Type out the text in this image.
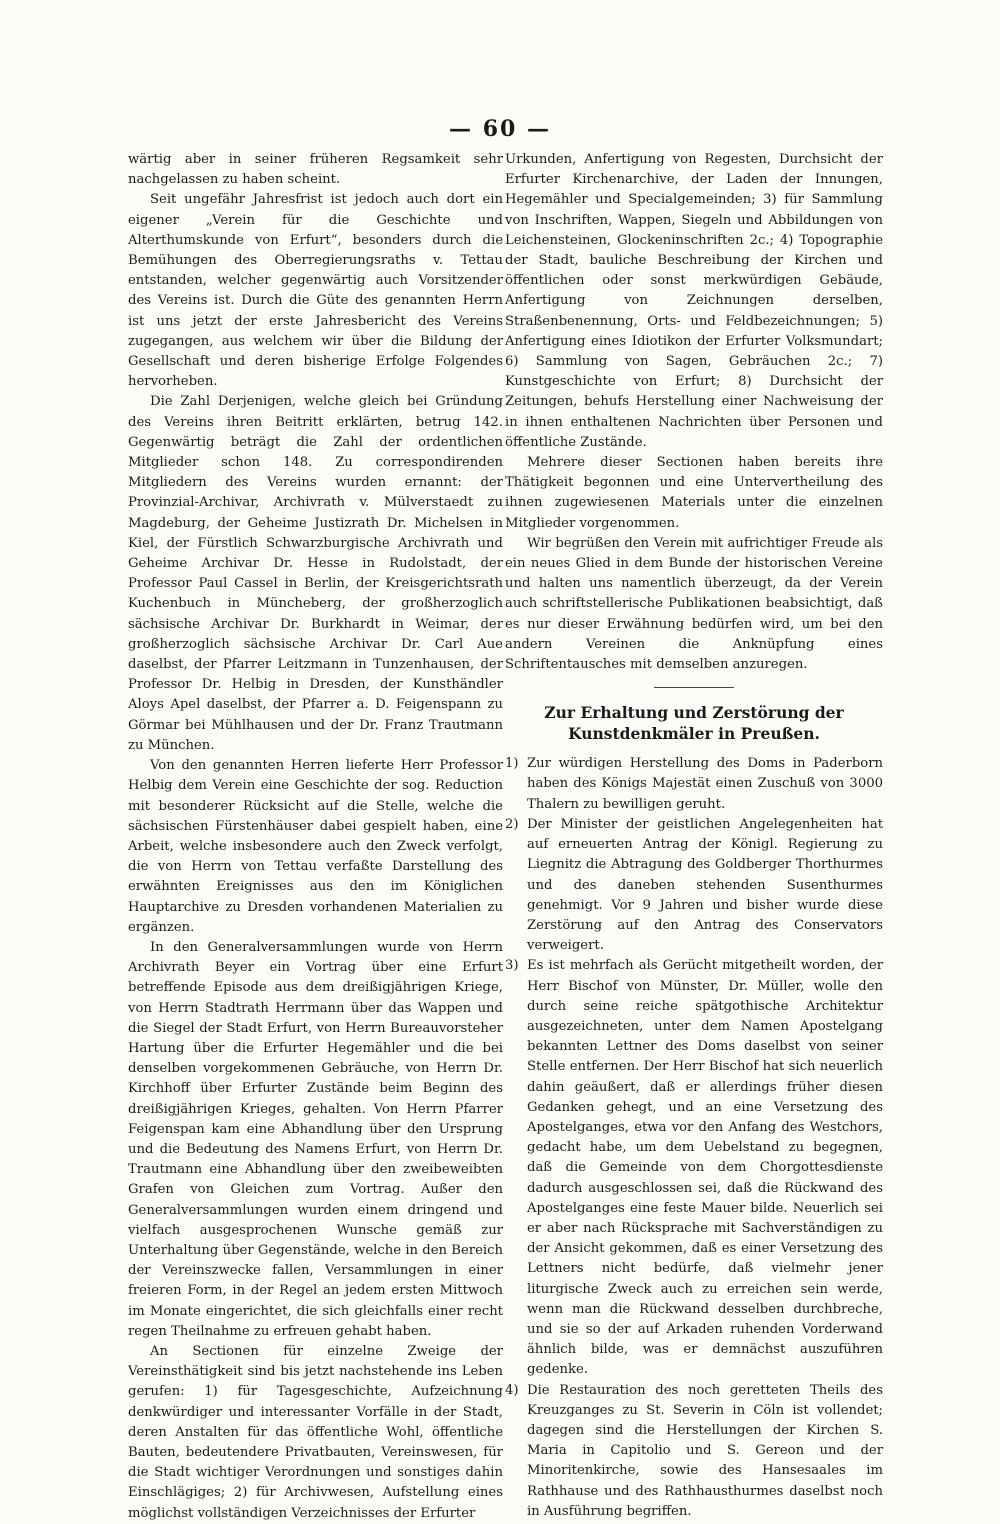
— 60 —

wärtig aber in seiner früheren Regsamkeit sehr nachgelassen zu haben scheint.

Seit ungefähr Jahresfrist ist jedoch auch dort ein eigener „Verein für die Geschichte und Alterthumskunde von Erfurt“, besonders durch die Bemühungen des Oberregierungsraths v. Tettau entstanden, welcher gegenwärtig auch Vorsitzender des Vereins ist. Durch die Güte des genannten Herrn ist uns jetzt der erste Jahresbericht des Vereins zugegangen, aus welchem wir über die Bildung der Gesellschaft und deren bisherige Erfolge Folgendes hervorheben.

Die Zahl Derjenigen, welche gleich bei Gründung des Vereins ihren Beitritt erklärten, betrug 142. Gegenwärtig beträgt die Zahl der ordentlichen Mitglieder schon 148. Zu correspondirenden Mitgliedern des Vereins wurden ernannt: der Provinzial-Archivar, Archivrath v. Mülverstaedt zu Magdeburg, der Geheime Justizrath Dr. Michelsen in Kiel, der Fürstlich Schwarzburgische Archivrath und Geheime Archivar Dr. Hesse in Rudolstadt, der Professor Paul Cassel in Berlin, der Kreisgerichtsrath Kuchenbuch in Müncheberg, der großherzoglich sächsische Archivar Dr. Burkhardt in Weimar, der großherzoglich sächsische Archivar Dr. Carl Aue daselbst, der Pfarrer Leitzmann in Tunzenhausen, der Professor Dr. Helbig in Dresden, der Kunsthändler Aloys Apel daselbst, der Pfarrer a. D. Feigenspann zu Görmar bei Mühlhausen und der Dr. Franz Trautmann zu München.

Von den genannten Herren lieferte Herr Professor Helbig dem Verein eine Geschichte der sog. Reduction mit besonderer Rücksicht auf die Stelle, welche die sächsischen Fürstenhäuser dabei gespielt haben, eine Arbeit, welche insbesondere auch den Zweck verfolgt, die von Herrn von Tettau verfaßte Darstellung des erwähnten Ereignisses aus den im Königlichen Hauptarchive zu Dresden vorhandenen Materialien zu ergänzen.

In den Generalversammlungen wurde von Herrn Archivrath Beyer ein Vortrag über eine Erfurt betreffende Episode aus dem dreißigjährigen Kriege, von Herrn Stadtrath Herrmann über das Wappen und die Siegel der Stadt Erfurt, von Herrn Bureauvorsteher Hartung über die Erfurter Hegemähler und die bei denselben vorgekommenen Gebräuche, von Herrn Dr. Kirchhoff über Erfurter Zustände beim Beginn des dreißigjährigen Krieges, gehalten. Von Herrn Pfarrer Feigenspan kam eine Abhandlung über den Ursprung und die Bedeutung des Namens Erfurt, von Herrn Dr. Trautmann eine Abhandlung über den zweibeweibten Grafen von Gleichen zum Vortrag. Außer den Generalversammlungen wurden einem dringend und vielfach ausgesprochenen Wunsche gemäß zur Unterhaltung über Gegenstände, welche in den Bereich der Vereinszwecke fallen, Versammlungen in einer freieren Form, in der Regel an jedem ersten Mittwoch im Monate eingerichtet, die sich gleichfalls einer recht regen Theilnahme zu erfreuen gehabt haben.

An Sectionen für einzelne Zweige der Vereinsthätigkeit sind bis jetzt nachstehende ins Leben gerufen: 1) für Tagesgeschichte, Aufzeichnung denkwürdiger und interessanter Vorfälle in der Stadt, deren Anstalten für das öffentliche Wohl, öffentliche Bauten, bedeutendere Privatbauten, Vereinswesen, für die Stadt wichtiger Verordnungen und sonstiges dahin Einschlägiges; 2) für Archivwesen, Aufstellung eines möglichst vollständigen Verzeichnisses der Erfurter

Urkunden, Anfertigung von Regesten, Durchsicht der Erfurter Kirchenarchive, der Laden der Innungen, Hegemähler und Specialgemeinden; 3) für Sammlung von Inschriften, Wappen, Siegeln und Abbildungen von Leichensteinen, Glockeninschriften 2c.; 4) Topographie der Stadt, bauliche Beschreibung der Kirchen und öffentlichen oder sonst merkwürdigen Gebäude, Anfertigung von Zeichnungen derselben, Straßenbenennung, Orts- und Feldbezeichnungen; 5) Anfertigung eines Idiotikon der Erfurter Volksmundart; 6) Sammlung von Sagen, Gebräuchen 2c.; 7) Kunstgeschichte von Erfurt; 8) Durchsicht der Zeitungen, behufs Herstellung einer Nachweisung der in ihnen enthaltenen Nachrichten über Personen und öffentliche Zustände.

Mehrere dieser Sectionen haben bereits ihre Thätigkeit begonnen und eine Untervertheilung des ihnen zugewiesenen Materials unter die einzelnen Mitglieder vorgenommen.

Wir begrüßen den Verein mit aufrichtiger Freude als ein neues Glied in dem Bunde der historischen Vereine und halten uns namentlich überzeugt, da der Verein auch schriftstellerische Publikationen beabsichtigt, daß es nur dieser Erwähnung bedürfen wird, um bei den andern Vereinen die Anknüpfung eines Schriftentausches mit demselben anzuregen.

Zur Erhaltung und Zerstörung der Kunstdenkmäler in Preußen.
1) Zur würdigen Herstellung des Doms in Paderborn haben des Königs Majestät einen Zuschuß von 3000 Thalern zu bewilligen geruht.
2) Der Minister der geistlichen Angelegenheiten hat auf erneuerten Antrag der Königl. Regierung zu Liegnitz die Abtragung des Goldberger Thorthurmes und des daneben stehenden Susenthurmes genehmigt. Vor 9 Jahren und bisher wurde diese Zerstörung auf den Antrag des Conservators verweigert.
3) Es ist mehrfach als Gerücht mitgetheilt worden, der Herr Bischof von Münster, Dr. Müller, wolle den durch seine reiche spätgothische Architektur ausgezeichneten, unter dem Namen Apostelgang bekannten Lettner des Doms daselbst von seiner Stelle entfernen. Der Herr Bischof hat sich neuerlich dahin geäußert, daß er allerdings früher diesen Gedanken gehegt, und an eine Versetzung des Apostelganges, etwa vor den Anfang des Westchors, gedacht habe, um dem Uebelstand zu begegnen, daß die Gemeinde von dem Chorgottesdienste dadurch ausgeschlossen sei, daß die Rückwand des Apostelganges eine feste Mauer bilde. Neuerlich sei er aber nach Rücksprache mit Sachverständigen zu der Ansicht gekommen, daß es einer Versetzung des Lettners nicht bedürfe, daß vielmehr jener liturgische Zweck auch zu erreichen sein werde, wenn man die Rückwand desselben durchbreche, und sie so der auf Arkaden ruhenden Vorderwand ähnlich bilde, was er demnächst auszuführen gedenke.
4) Die Restauration des noch geretteten Theils des Kreuzganges zu St. Severin in Cöln ist vollendet; dagegen sind die Herstellungen der Kirchen S. Maria in Capitolio und S. Gereon und der Minoritenkirche, sowie des Hansesaales im Rathhause und des Rathhausthurmes daselbst noch in Ausführung begriffen.
